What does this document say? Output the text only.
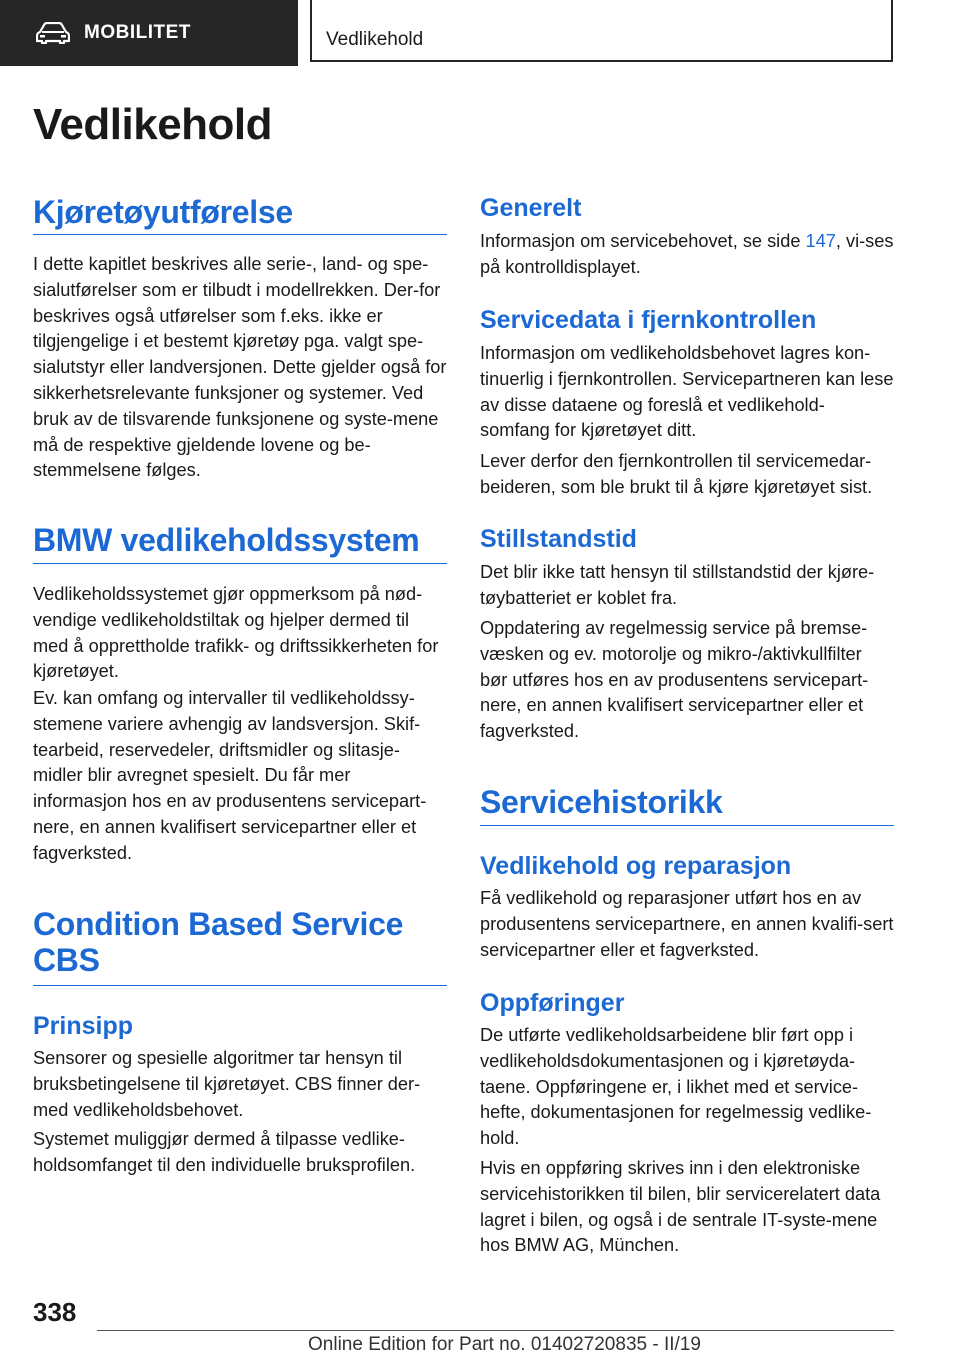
MOBILITET	Vedlikehold
Vedlikehold
Kjøretøyutførelse

I dette kapitlet beskrives alle serie-, land- og spe-sialutførelser som er tilbudt i modellrekken. Der-for beskrives også utførelser som f.eks. ikke er tilgjengelige i et bestemt kjøretøy pga. valgt spe-sialutstyr eller landversjonen. Dette gjelder også for sikkerhetsrelevante funksjoner og systemer. Ved bruk av de tilsvarende funksjonene og syste-mene må de respektive gjeldende lovene og be-stemmelsene følges.

BMW vedlikeholdssystem

Vedlikeholdssystemet gjør oppmerksom på nød-vendige vedlikeholdstiltak og hjelper dermed til med å opprettholde trafikk- og driftssikkerheten for kjøretøyet.

Ev. kan omfang og intervaller til vedlikeholdssy-stemene variere avhengig av landsversjon. Skif-tearbeid, reservedeler, driftsmidler og slitasje-midler blir avregnet spesielt. Du får mer informasjon hos en av produsentens servicepart-nere, en annen kvalifisert servicepartner eller et fagverksted.

Condition Based Service
CBS
Prinsipp

Sensorer og spesielle algoritmer tar hensyn til bruksbetingelsene til kjøretøyet. CBS finner der-med vedlikeholdsbehovet.

Systemet muliggjør dermed å tilpasse vedlike-holdsomfanget til den individuelle bruksprofilen.

Generelt

Informasjon om servicebehovet, se side 147, vi-ses på kontrolldisplayet.

Servicedata i fjernkontrollen

Informasjon om vedlikeholdsbehovet lagres kon-tinuerlig i fjernkontrollen. Servicepartneren kan lese av disse dataene og foreslå et vedlikehold-somfang for kjøretøyet ditt.

Lever derfor den fjernkontrollen til servicemedar-beideren, som ble brukt til å kjøre kjøretøyet sist.

Stillstandstid

Det blir ikke tatt hensyn til stillstandstid der kjøre-tøybatteriet er koblet fra.

Oppdatering av regelmessig service på bremse-væsken og ev. motorolje og mikro-/aktivkullfilter bør utføres hos en av produsentens servicepart-nere, en annen kvalifisert servicepartner eller et fagverksted.

Servicehistorikk
Vedlikehold og reparasjon

Få vedlikehold og reparasjoner utført hos en av produsentens servicepartnere, en annen kvalifi-sert servicepartner eller et fagverksted.

Oppføringer

De utførte vedlikeholdsarbeidene blir ført opp i vedlikeholdsdokumentasjonen og i kjøretøyda-taene. Oppføringene er, i likhet med et service-hefte, dokumentasjonen for regelmessig vedlike-hold.

Hvis en oppføring skrives inn i den elektroniske servicehistorikken til bilen, blir servicerelatert data lagret i bilen, og også i de sentrale IT-syste-mene hos BMW AG, München.

338
Online Edition for Part no. 01402720835 - II/19
